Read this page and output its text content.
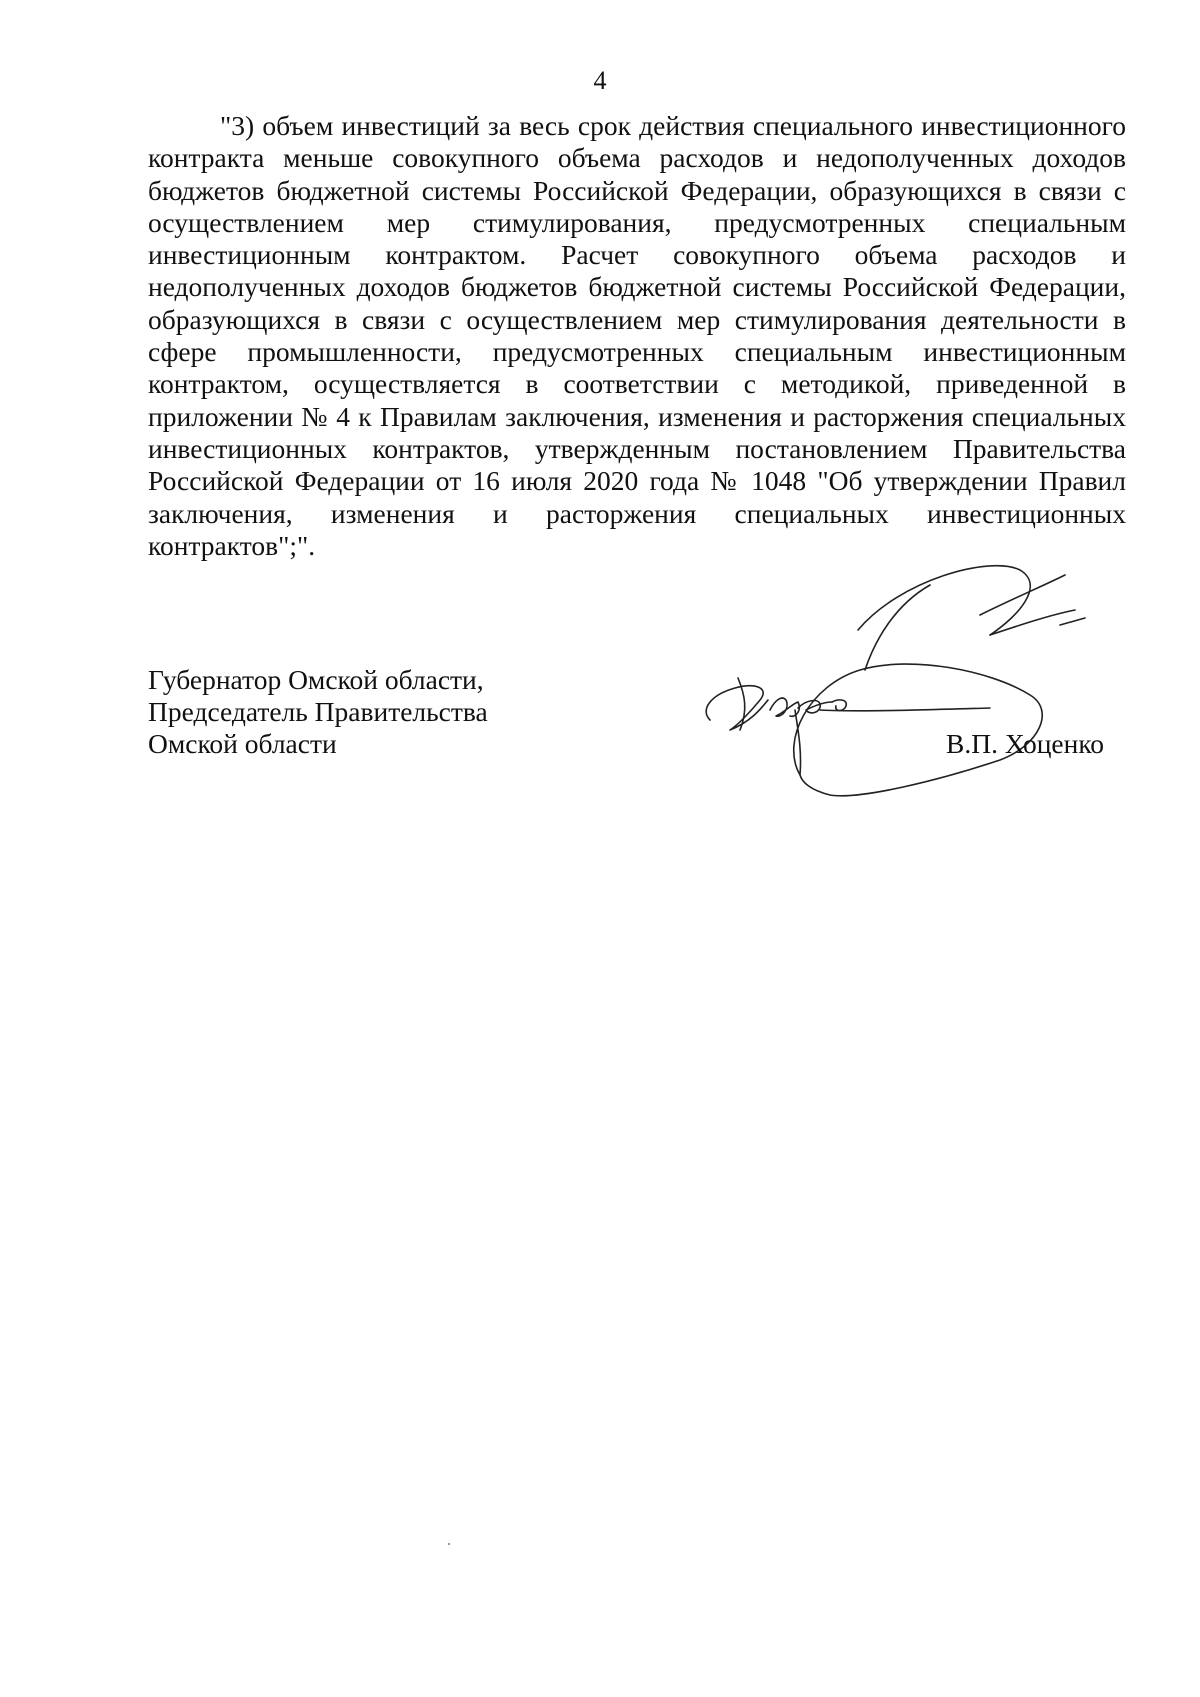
4

"3) объем инвестиций за весь срок действия специального инвестиционного контракта меньше совокупного объема расходов и недополученных доходов бюджетов бюджетной системы Российской Федерации, образующихся в связи с осуществлением мер стимулирования, предусмотренных специальным инвестиционным контрактом. Расчет совокупного объема расходов и недополученных доходов бюджетов бюджетной системы Российской Федерации, образующихся в связи с осуществлением мер стимулирования деятельности в сфере промышленности, предусмотренных специальным инвестиционным контрактом, осуществляется в соответствии с методикой, приведенной в приложении № 4 к Правилам заключения, изменения и расторжения специальных инвестиционных контрактов, утвержденным постановлением Правительства Российской Федерации от 16 июля 2020 года № 1048 "Об утверждении Правил заключения, изменения и расторжения специальных инвестиционных контрактов";".

Губернатор Омской области,
Председатель Правительства
Омской области	В.П. Хоценко
